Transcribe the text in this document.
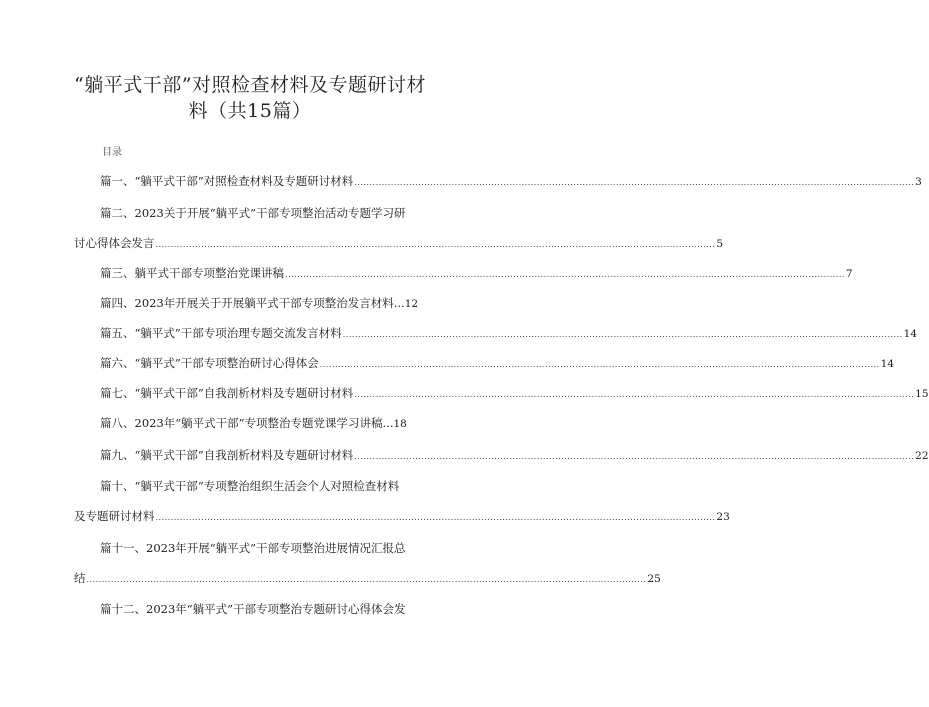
“躺平式干部”对照检查材料及专题研讨材
料（共15篇）
目录
篇一、“躺平式干部”对照检查材料及专题研讨材料 ........................................................................................................................................................................................ 3
篇二、2023关于开展“躺平式”干部专项整治活动专题学习研
讨心得体会发言 ........................................................................................................................................................................................ 5
篇三、躺平式干部专项整治党课讲稿 ........................................................................................................................................................................................ 7
篇四、2023年开展关于开展躺平式干部专项整治发言材料... 12
篇五、“躺平式”干部专项治理专题交流发言材料 ........................................................................................................................................................................................ 14
篇六、“躺平式”干部专项整治研讨心得体会 ........................................................................................................................................................................................ 14
篇七、“躺平式干部”自我剖析材料及专题研讨材料 ........................................................................................................................................................................................ 15
篇八、2023年“躺平式干部”专项整治专题党课学习讲稿... 18
篇九、“躺平式干部”自我剖析材料及专题研讨材料 ........................................................................................................................................................................................ 22
篇十、“躺平式干部”专项整治组织生活会个人对照检查材料
及专题研讨材料 ........................................................................................................................................................................................ 23
篇十一、2023年开展“躺平式”干部专项整治进展情况汇报总
结 ........................................................................................................................................................................................ 25
篇十二、2023年“躺平式”干部专项整治专题研讨心得体会发
